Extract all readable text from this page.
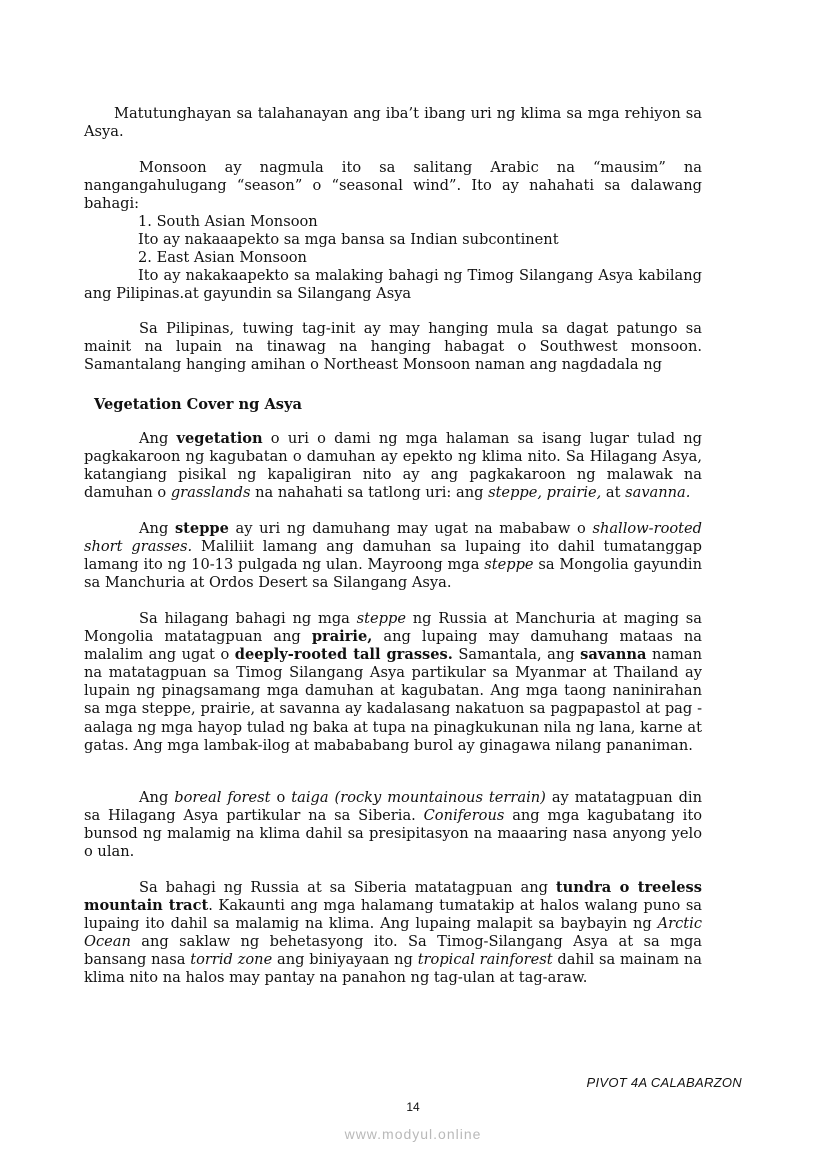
Matutunghayan sa talahanayan ang iba’t ibang uri ng klima sa mga rehiyon sa Asya.
Monsoon ay nagmula ito sa salitang Arabic na “mausim” na nangangahulugang “season” o “seasonal wind”. Ito ay nahahati sa dalawang bahagi:
1. South Asian Monsoon
Ito ay nakaaapekto sa mga bansa sa Indian subcontinent
2. East Asian Monsoon
Ito ay nakakaapekto sa malaking bahagi ng Timog Silangang Asya kabilang ang Pilipinas.at gayundin sa Silangang Asya
Sa Pilipinas, tuwing tag-init ay may hanging mula sa dagat patungo sa mainit na lupain na tinawag na hanging habagat o Southwest monsoon. Samantalang hanging amihan o Northeast Monsoon naman ang nagdadala ng
Vegetation Cover ng Asya
Ang vegetation o uri o dami ng mga halaman sa isang lugar tulad ng pagkakaroon ng kagubatan o damuhan ay epekto ng klima nito. Sa Hilagang Asya, katangiang pisikal ng kapaligiran nito ay ang pagkakaroon ng malawak na damuhan o grasslands na nahahati sa tatlong uri: ang steppe, prairie, at savanna.
Ang steppe ay uri ng damuhang may ugat na mababaw o shallow-rooted short grasses. Maliliit lamang ang damuhan sa lupaing ito dahil tumatanggap lamang ito ng 10-13 pulgada ng ulan. Mayroong mga steppe sa Mongolia gayundin sa Manchuria at Ordos Desert sa Silangang Asya.
Sa hilagang bahagi ng mga steppe ng Russia at Manchuria at maging sa Mongolia matatagpuan ang prairie, ang lupaing may damuhang mataas na malalim ang ugat o deeply-rooted tall grasses. Samantala, ang savanna naman na matatagpuan sa Timog Silangang Asya partikular sa Myanmar at Thailand ay lupain ng pinagsamang mga damuhan at kagubatan. Ang mga taong naninirahan sa mga steppe, prairie, at savanna ay kadalasang nakatuon sa pagpapastol at pag -aalaga ng mga hayop tulad ng baka at tupa na pinagkukunan nila ng lana, karne at gatas. Ang mga lambak-ilog at mabababang burol ay ginagawa nilang pananiman.
Ang boreal forest o taiga (rocky mountainous terrain) ay matatagpuan din sa Hilagang Asya partikular na sa Siberia. Coniferous ang mga kagubatang ito bunsod ng malamig na klima dahil sa presipitasyon na maaaring nasa anyong yelo o ulan.
Sa bahagi ng Russia at sa Siberia matatagpuan ang tundra o treeless mountain tract. Kakaunti ang mga halamang tumatakip at halos walang puno sa lupaing ito dahil sa malamig na klima. Ang lupaing malapit sa baybayin ng Arctic Ocean ang saklaw ng behetasyong ito. Sa Timog-Silangang Asya at sa mga bansang nasa torrid zone ang biniyayaan ng tropical rainforest dahil sa mainam na klima nito na halos may pantay na panahon ng tag-ulan at tag-araw.
PIVOT 4A CALABARZON
14
www.modyul.online
